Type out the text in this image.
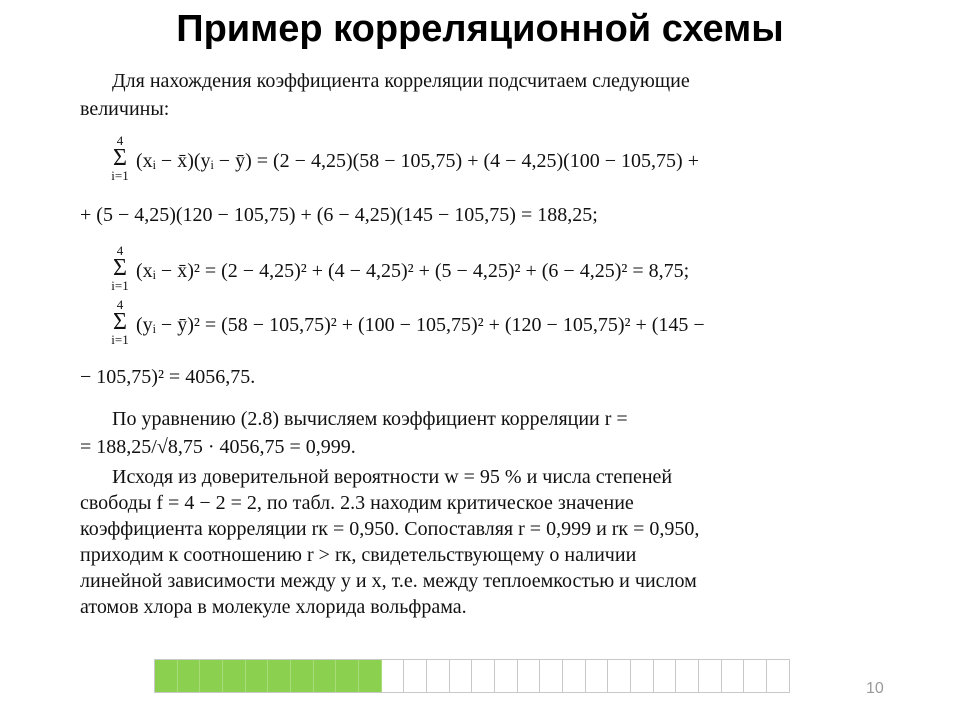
Пример корреляционной схемы
Для нахождения коэффициента корреляции подсчитаем следующие
величины:
4
Σ
i=1
(xᵢ − x̄)(yᵢ − ȳ) = (2 − 4,25)(58 − 105,75) + (4 − 4,25)(100 − 105,75) +
+ (5 − 4,25)(120 − 105,75) + (6 − 4,25)(145 − 105,75) = 188,25;
4
Σ
i=1
(xᵢ − x̄)² = (2 − 4,25)² + (4 − 4,25)² + (5 − 4,25)² + (6 − 4,25)² = 8,75;
4
Σ
i=1
(yᵢ − ȳ)² = (58 − 105,75)² + (100 − 105,75)² + (120 − 105,75)² + (145 −
− 105,75)² = 4056,75.
По уравнению (2.8) вычисляем коэффициент корреляции r =
= 188,25/√8,75 · 4056,75 = 0,999.
Исходя из доверительной вероятности w = 95 % и числа степеней
свободы f = 4 − 2 = 2, по табл. 2.3 находим критическое значение
коэффициента корреляции rк = 0,950. Сопоставляя r = 0,999 и rк = 0,950,
приходим к соотношению r > rк, свидетельствующему о наличии
линейной зависимости между y и x, т.е. между теплоемкостью и числом
атомов хлора в молекуле хлорида вольфрама.
10
